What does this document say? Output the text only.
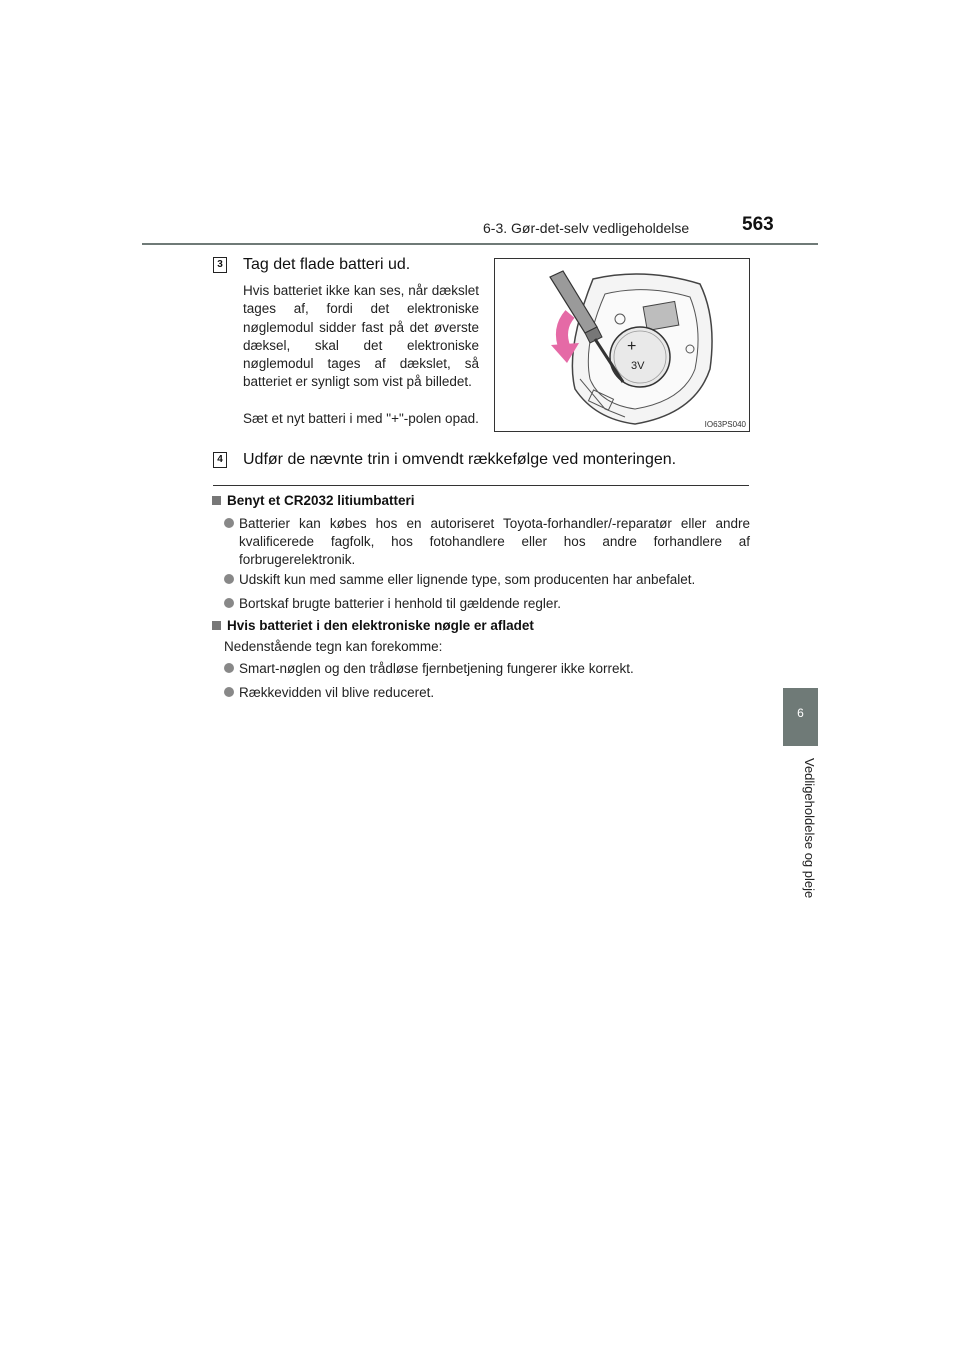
6-3. Gør-det-selv vedligeholdelse	563
6
Vedligeholdelse og pleje
3 Tag det flade batteri ud.
Hvis batteriet ikke kan ses, når dækslet tages af, fordi det elektroniske nøglemodul sidder fast på det øverste dæksel, skal det elektroniske nøglemodul tages af dækslet, så batteriet er synligt som vist på billedet.
Sæt et nyt batteri i med "+"-polen opad.
+
3V
IO63PS040
4 Udfør de nævnte trin i omvendt rækkefølge ved monteringen.
Benyt et CR2032 litiumbatteri
Batterier kan købes hos en autoriseret Toyota-forhandler/-reparatør eller andre kvalificerede fagfolk, hos fotohandlere eller hos andre forhandlere af forbrugerelektronik.
Udskift kun med samme eller lignende type, som producenten har anbefalet.
Bortskaf brugte batterier i henhold til gældende regler.
Hvis batteriet i den elektroniske nøgle er afladet
Nedenstående tegn kan forekomme:
Smart-nøglen og den trådløse fjernbetjening fungerer ikke korrekt.
Rækkevidden vil blive reduceret.
